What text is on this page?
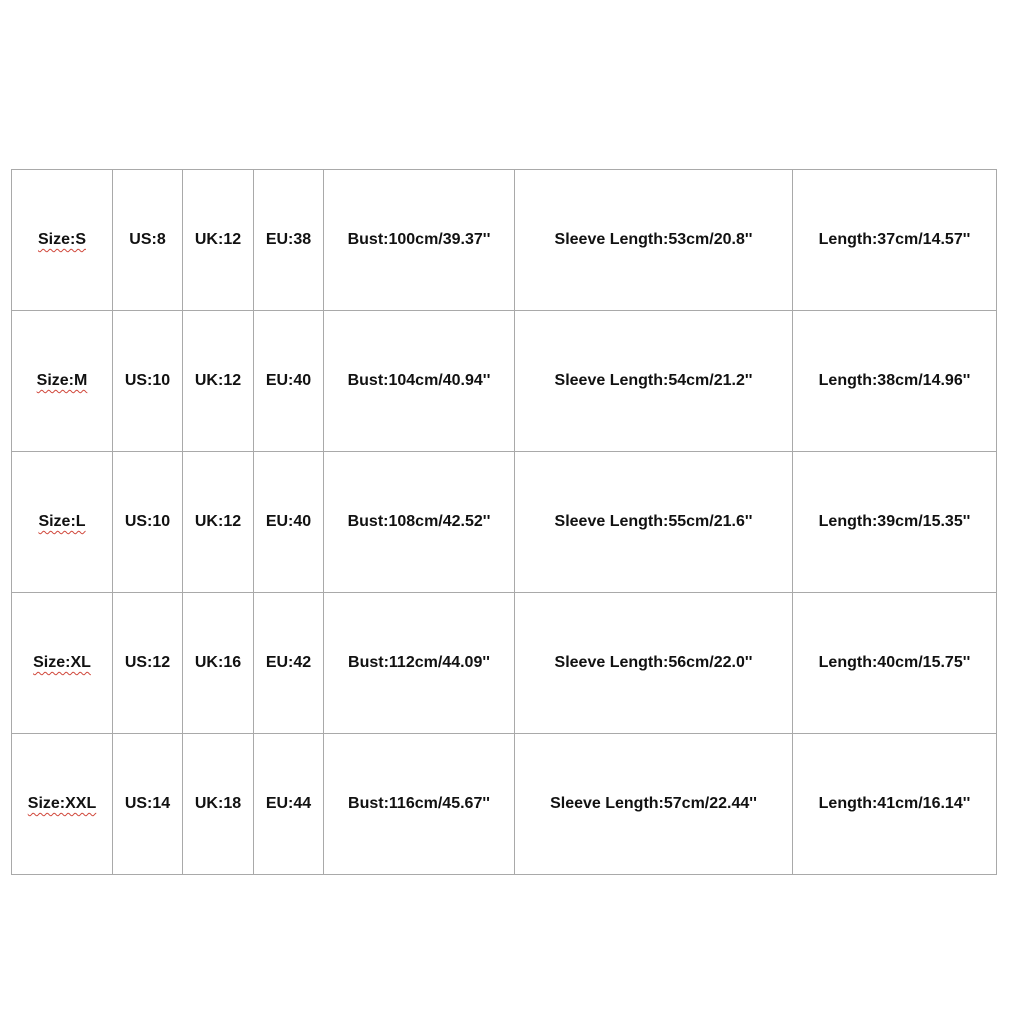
Size:S	US:8	UK:12	EU:38	Bust:100cm/39.37''	Sleeve Length:53cm/20.8''	Length:37cm/14.57''
Size:M	US:10	UK:12	EU:40	Bust:104cm/40.94''	Sleeve Length:54cm/21.2''	Length:38cm/14.96''
Size:L	US:10	UK:12	EU:40	Bust:108cm/42.52''	Sleeve Length:55cm/21.6''	Length:39cm/15.35''
Size:XL	US:12	UK:16	EU:42	Bust:112cm/44.09''	Sleeve Length:56cm/22.0''	Length:40cm/15.75''
Size:XXL	US:14	UK:18	EU:44	Bust:116cm/45.67''	Sleeve Length:57cm/22.44''	Length:41cm/16.14''
